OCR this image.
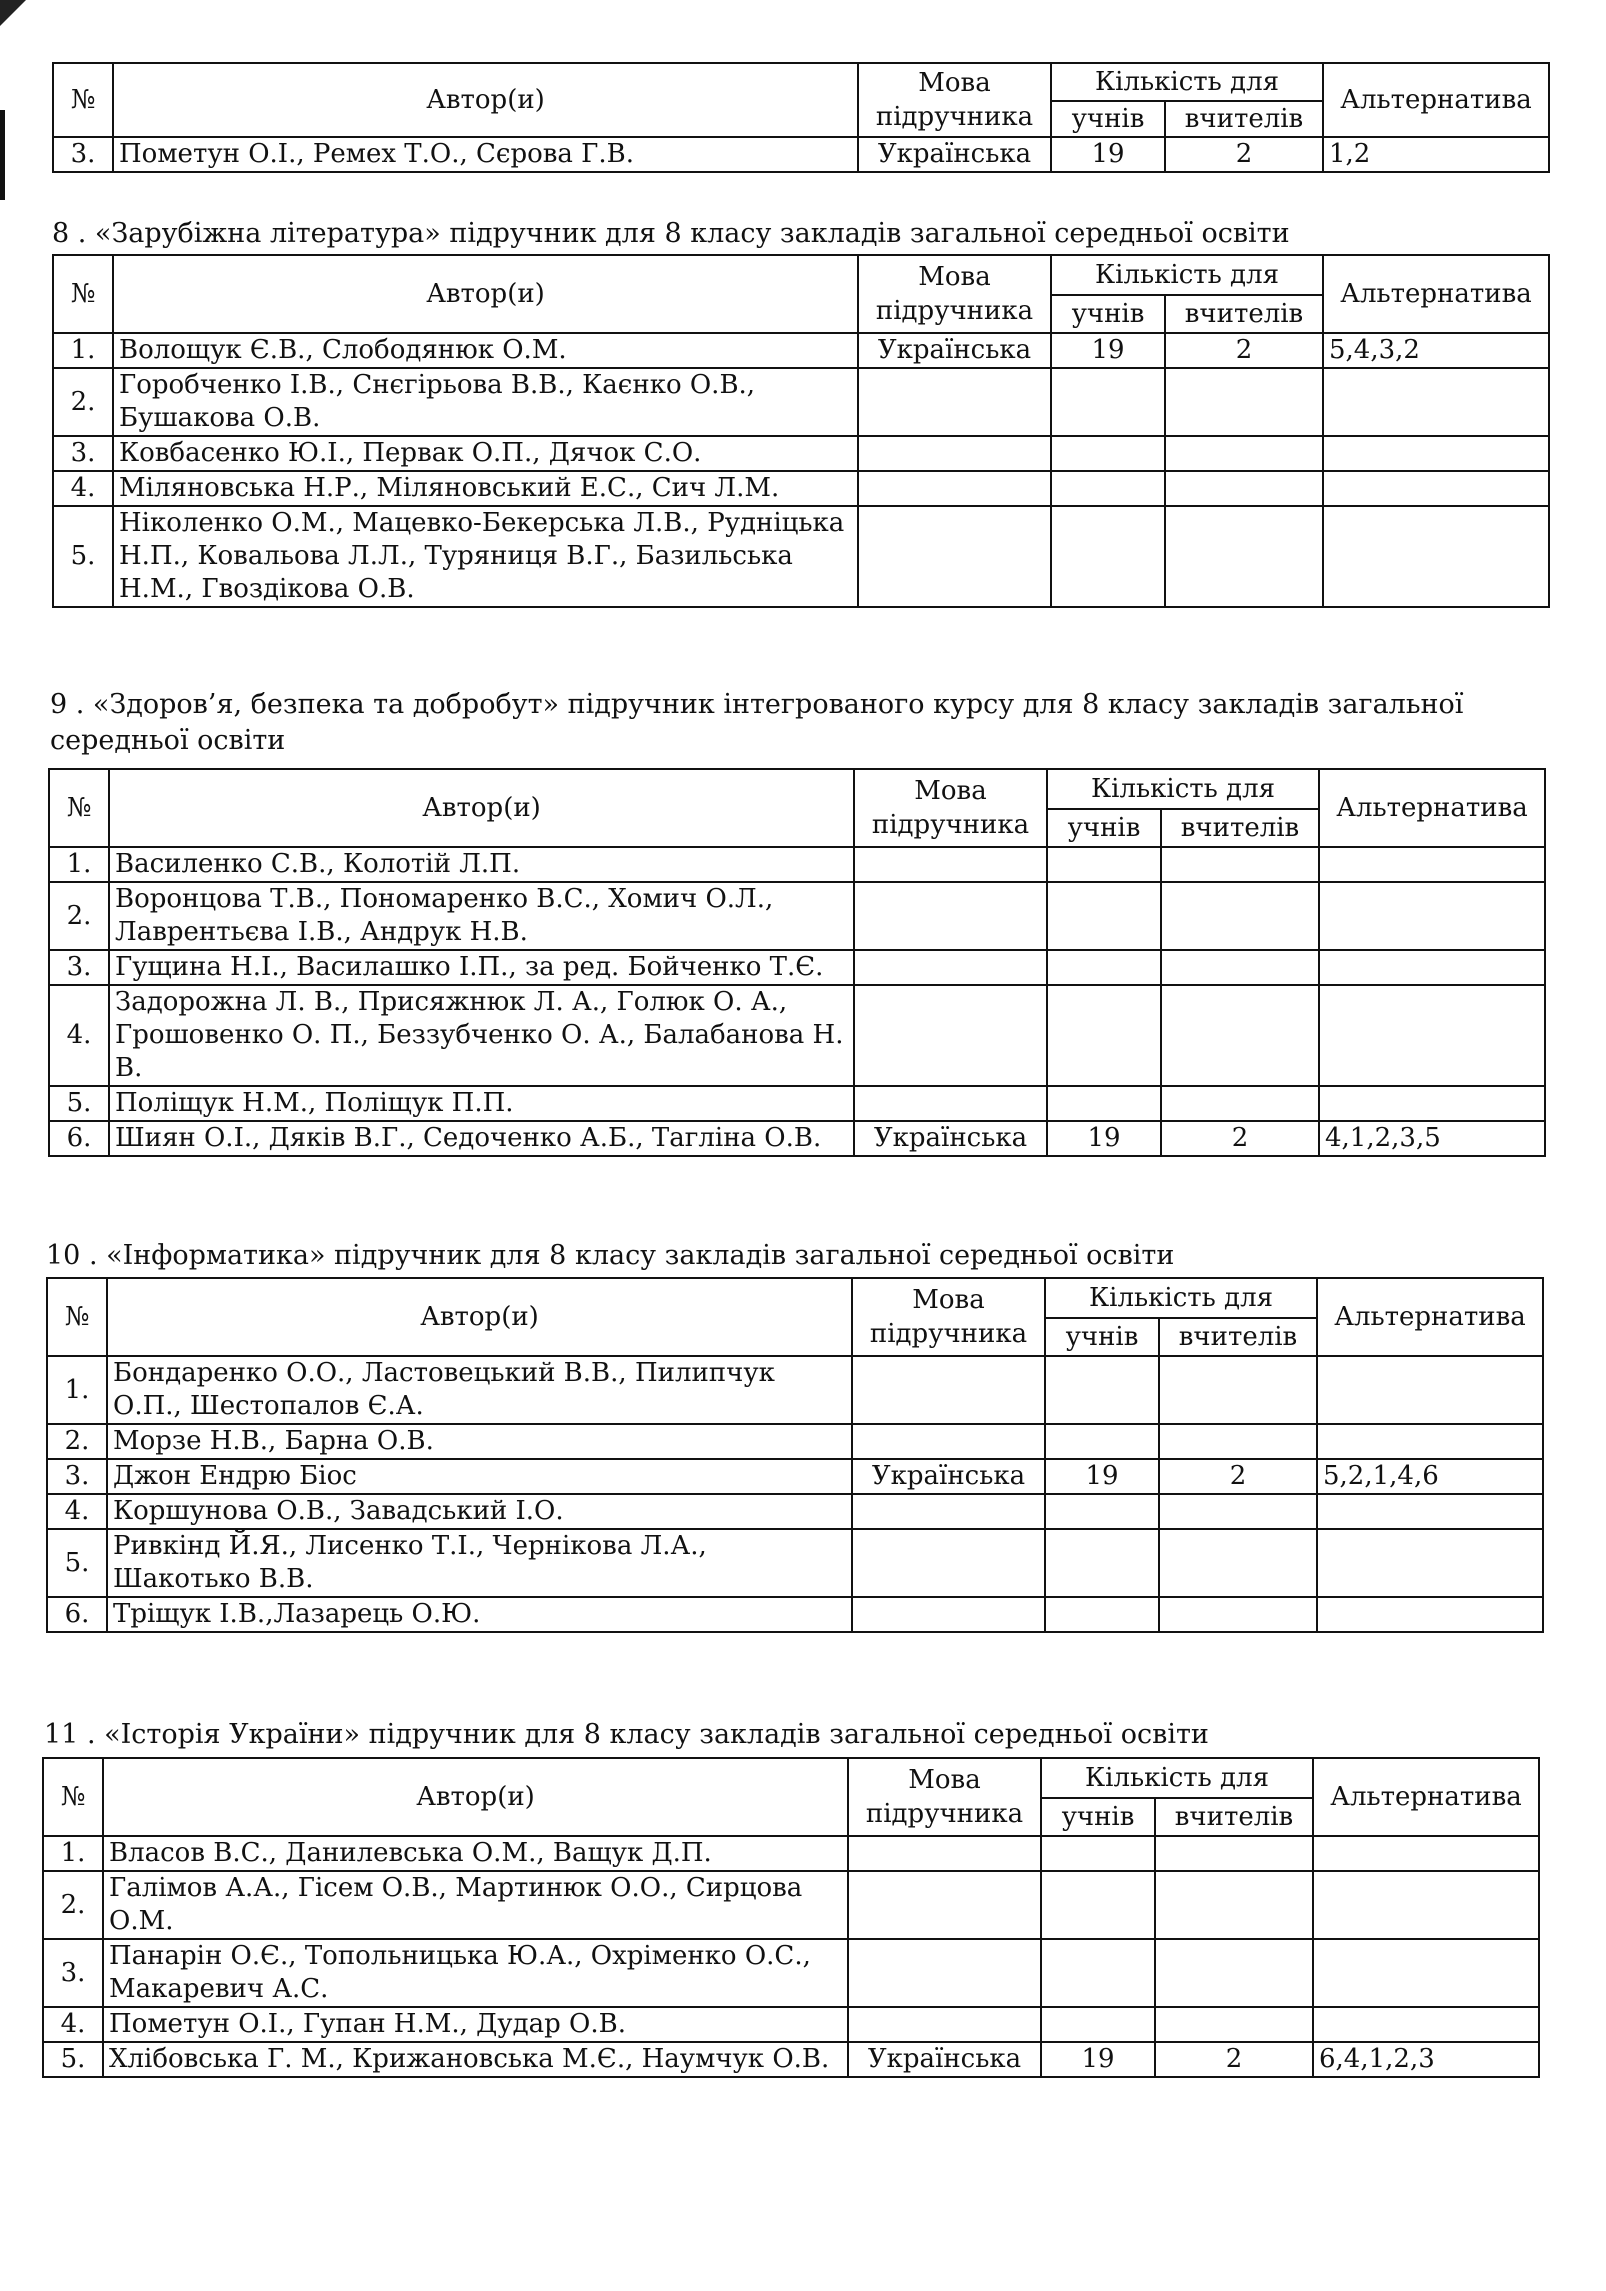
№	Автор(и)	Мова
підручника	Кількість для		Альтернатива
			учнів	вчителів	
3.	Пометун О.І., Ремех Т.О., Сєрова Г.В.	Українська	19	2	1,2
8 . «Зарубіжна література» підручник для 8 класу закладів загальної середньої освіти
№	Автор(и)	Мова
підручника	Кількість для		Альтернатива
			учнів	вчителів	
1.	Волощук Є.В., Слободянюк О.М.	Українська	19	2	5,4,3,2
2.	Горобченко І.В., Снєгірьова В.В., Каєнко О.В., Бушакова О.В.				
3.	Ковбасенко Ю.І., Первак О.П., Дячок С.О.				
4.	Міляновська Н.Р., Міляновський Е.С., Сич Л.М.				
5.	Ніколенко О.М., Мацевко-Бекерська Л.В., Рудніцька Н.П., Ковальова Л.Л., Туряниця В.Г., Базильська Н.М., Гвоздікова О.В.				
9 . «Здоров’я, безпека та добробут» підручник інтегрованого курсу для 8 класу закладів загальної
середньої освіти
№	Автор(и)	Мова
підручника	Кількість для		Альтернатива
			учнів	вчителів	
1.	Василенко С.В., Колотій Л.П.				
2.	Воронцова Т.В., Пономаренко В.С., Хомич О.Л., Лаврентьєва І.В., Андрук Н.В.				
3.	Гущина Н.І., Василашко І.П., за ред. Бойченко Т.Є.				
4.	Задорожна Л. В., Присяжнюк Л. А., Голюк О. А., Грошовенко О. П., Беззубченко О. А., Балабанова Н. В.				
5.	Поліщук Н.М., Поліщук П.П.				
6.	Шиян О.І., Дяків В.Г., Седоченко А.Б., Тагліна О.В.	Українська	19	2	4,1,2,3,5
10 . «Інформатика» підручник для 8 класу закладів загальної середньої освіти
№	Автор(и)	Мова
підручника	Кількість для		Альтернатива
			учнів	вчителів	
1.	Бондаренко О.О., Ластовецький В.В., Пилипчук О.П., Шестопалов Є.А.				
2.	Морзе Н.В., Барна О.В.				
3.	Джон Ендрю Біос	Українська	19	2	5,2,1,4,6
4.	Коршунова О.В., Завадський І.О.				
5.	Ривкінд Й.Я., Лисенко Т.І., Чернікова Л.А., Шакотько В.В.				
6.	Тріщук І.В.,Лазарець О.Ю.				
11 . «Історія України» підручник для 8 класу закладів загальної середньої освіти
№	Автор(и)	Мова
підручника	Кількість для		Альтернатива
			учнів	вчителів	
1.	Власов В.С., Данилевська О.М., Ващук Д.П.				
2.	Галімов А.А., Гісем О.В., Мартинюк О.О., Сирцова О.М.				
3.	Панарін О.Є., Топольницька Ю.А., Охріменко О.С., Макаревич А.С.				
4.	Пометун О.І., Гупан Н.М., Дудар О.В.				
5.	Хлібовська Г. М., Крижановська М.Є., Наумчук О.В.	Українська	19	2	6,4,1,2,3
